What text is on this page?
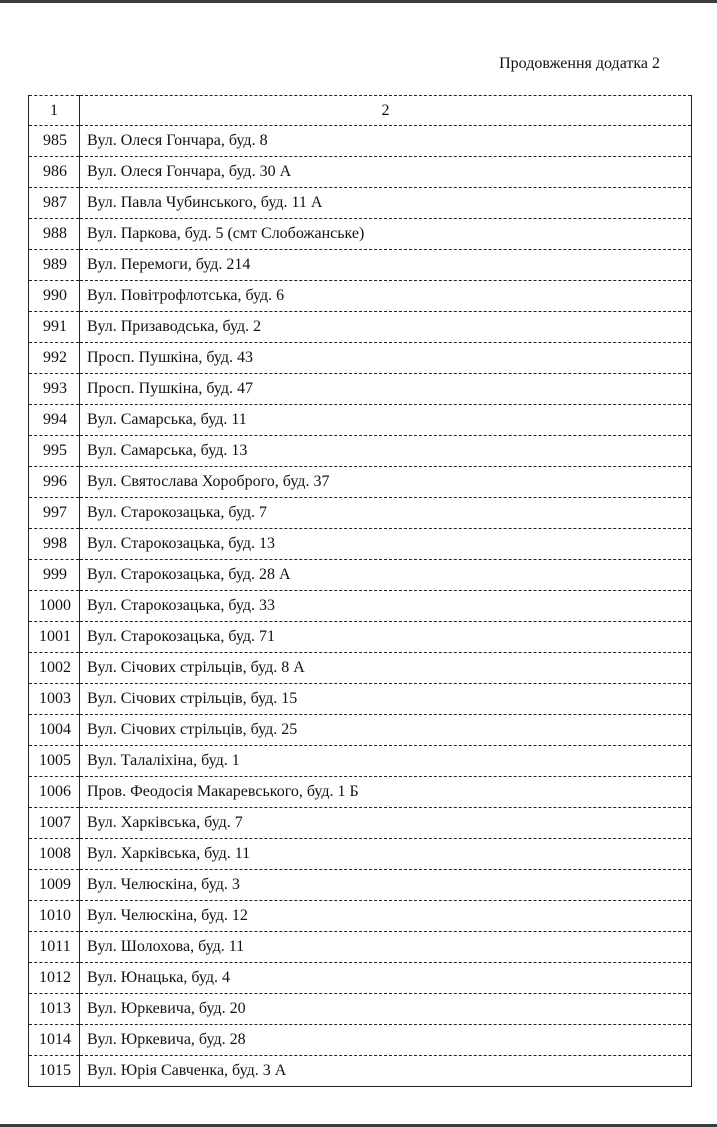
Продовження додатка 2
1	2
985	Вул. Олеся Гончара, буд. 8
986	Вул. Олеся Гончара, буд. 30 А
987	Вул. Павла Чубинського, буд. 11 А
988	Вул. Паркова, буд. 5 (смт Слобожанське)
989	Вул. Перемоги, буд. 214
990	Вул. Повітрофлотська, буд. 6
991	Вул. Призаводська, буд. 2
992	Просп. Пушкіна, буд. 43
993	Просп. Пушкіна, буд. 47
994	Вул. Самарська, буд. 11
995	Вул. Самарська, буд. 13
996	Вул. Святослава Хороброго, буд. 37
997	Вул. Старокозацька, буд. 7
998	Вул. Старокозацька, буд. 13
999	Вул. Старокозацька, буд. 28 А
1000	Вул. Старокозацька, буд. 33
1001	Вул. Старокозацька, буд. 71
1002	Вул. Січових стрільців, буд. 8 А
1003	Вул. Січових стрільців, буд. 15
1004	Вул. Січових стрільців, буд. 25
1005	Вул. Талаліхіна, буд. 1
1006	Пров. Феодосія Макаревського, буд. 1 Б
1007	Вул. Харківська, буд. 7
1008	Вул. Харківська, буд. 11
1009	Вул. Челюскіна, буд. 3
1010	Вул. Челюскіна, буд. 12
1011	Вул. Шолохова, буд. 11
1012	Вул. Юнацька, буд. 4
1013	Вул. Юркевича, буд. 20
1014	Вул. Юркевича, буд. 28
1015	Вул. Юрія Савченка, буд. 3 А
